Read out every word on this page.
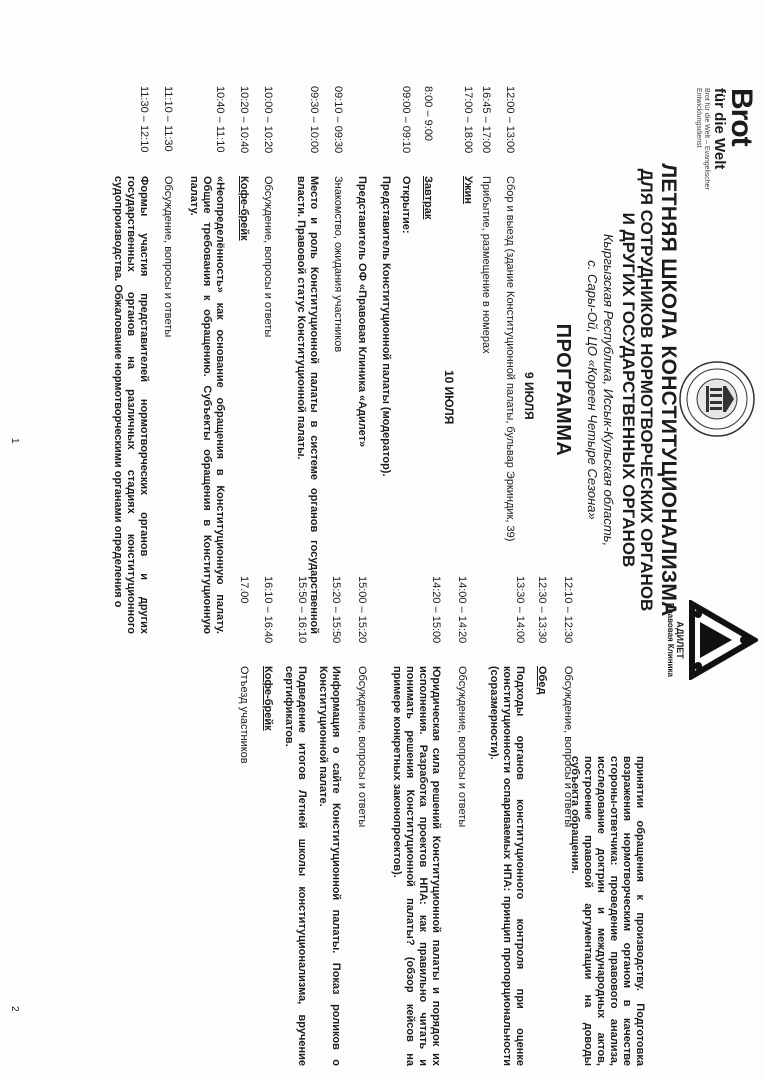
Brot
für die Welt
Brot für die Welt – Evangelischer Entwicklungsdienst
АДИЛЕТ
Правовая Клиника
ЛЕТНЯЯ ШКОЛА КОНСТИТУЦИОНАЛИЗМА
ДЛЯ СОТРУДНИКОВ НОРМОТВОРЧЕСКИХ ОРГАНОВ
И ДРУГИХ ГОСУДАРСТВЕННЫХ ОРГАНОВ
Кыргызская Республика, Иссык-Кульская область,
с. Сары-Ой, ЦО «Кореен Четыре Сезона»
ПРОГРАММА
9 ИЮЛЯ
12:00 – 13:00
Сбор и выезд (здание Конституционной палаты, бульвар Эркиндик, 39)
16:45 – 17:00
Прибытие, размещение в номерах
17:00 – 18:00
Ужин
10 ИЮЛЯ
8:00 – 9:00
Завтрак
09:00 – 09:10
Открытие:
Представитель Конституционной палаты (модератор).
Представитель ОФ «Правовая Клиника «Адилет»
09:10 – 09:30
Знакомство, ожидания участников
09:30 – 10:00
Место и роль Конституционной палаты в системе органов государственной власти. Правовой статус Конституционной палаты.
10:00 – 10:20
Обсуждение, вопросы и ответы
10:20 – 10:40
Кофе-брейк
10:40 – 11:10
«Неопределённость» как основание обращения в Конституционную палату. Общие требования к обращению. Субъекты обращения в Конституционную палату.
11:10 – 11:30
Обсуждение, вопросы и ответы
11:30 – 12:10
Формы участия представителей нормотворческих органов и других государственных органов на различных стадиях конституционного судопроизводства. Обжалование нормотворческими органами определения о
1
принятии обращения к производству. Подготовка возражения нормотворческим органом в качестве стороны-ответчика: проведение правового анализа, исследование доктрин и международных актов, построение правовой аргументации на доводы субъекта обращения.
12:10 – 12:30
Обсуждение, вопросы и ответы
12:30 – 13:30
Обед
13:30 – 14:00
Подходы органов конституционного контроля при оценке конституционности оспариваемых НПА: принцип пропорциональности (соразмерности).
14:00 – 14:20
Обсуждение, вопросы и ответы
14:20 – 15:00
Юридическая сила решений Конституционной палаты и порядок их исполнения. Разработка проектов НПА: как правильно читать и понимать решения Конституционной палаты? (обзор кейсов на примере конкретных законопроектов).
15:00 – 15:20
Обсуждение, вопросы и ответы
15:20 – 15:50
Информация о сайте Конституционной палаты. Показ роликов о Конституционной палате.
15:50 – 16:10
Подведение итогов Летней школы конституционализма, вручение сертификатов.
16:10 – 16:40
Кофе-брейк
17.00
Отъезд участников
2
